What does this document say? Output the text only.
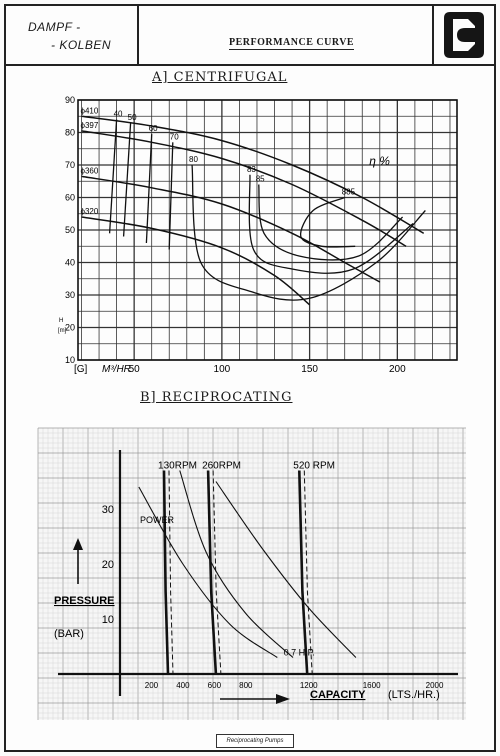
DAMPF -
- KOLBEN	PERFORMANCE CURVE
A] CENTRIFUGAL
10
20
30
40
50
60
70
80
90
50	100	150	200
M³/HR
[G]
H
[m]
ϕ410
ϕ397
ϕ360
ϕ320
40 50
60
70
80
83
85
885
η %
B] RECIPROCATING
10
20
30
200 400 600 800	1200	1600	2000
130RPM 260RPM	520 RPM
POWER
0.7 H.P.
PRESSURE
(BAR)
CAPACITY (LTS./HR.)
Reciprocating Pumps
